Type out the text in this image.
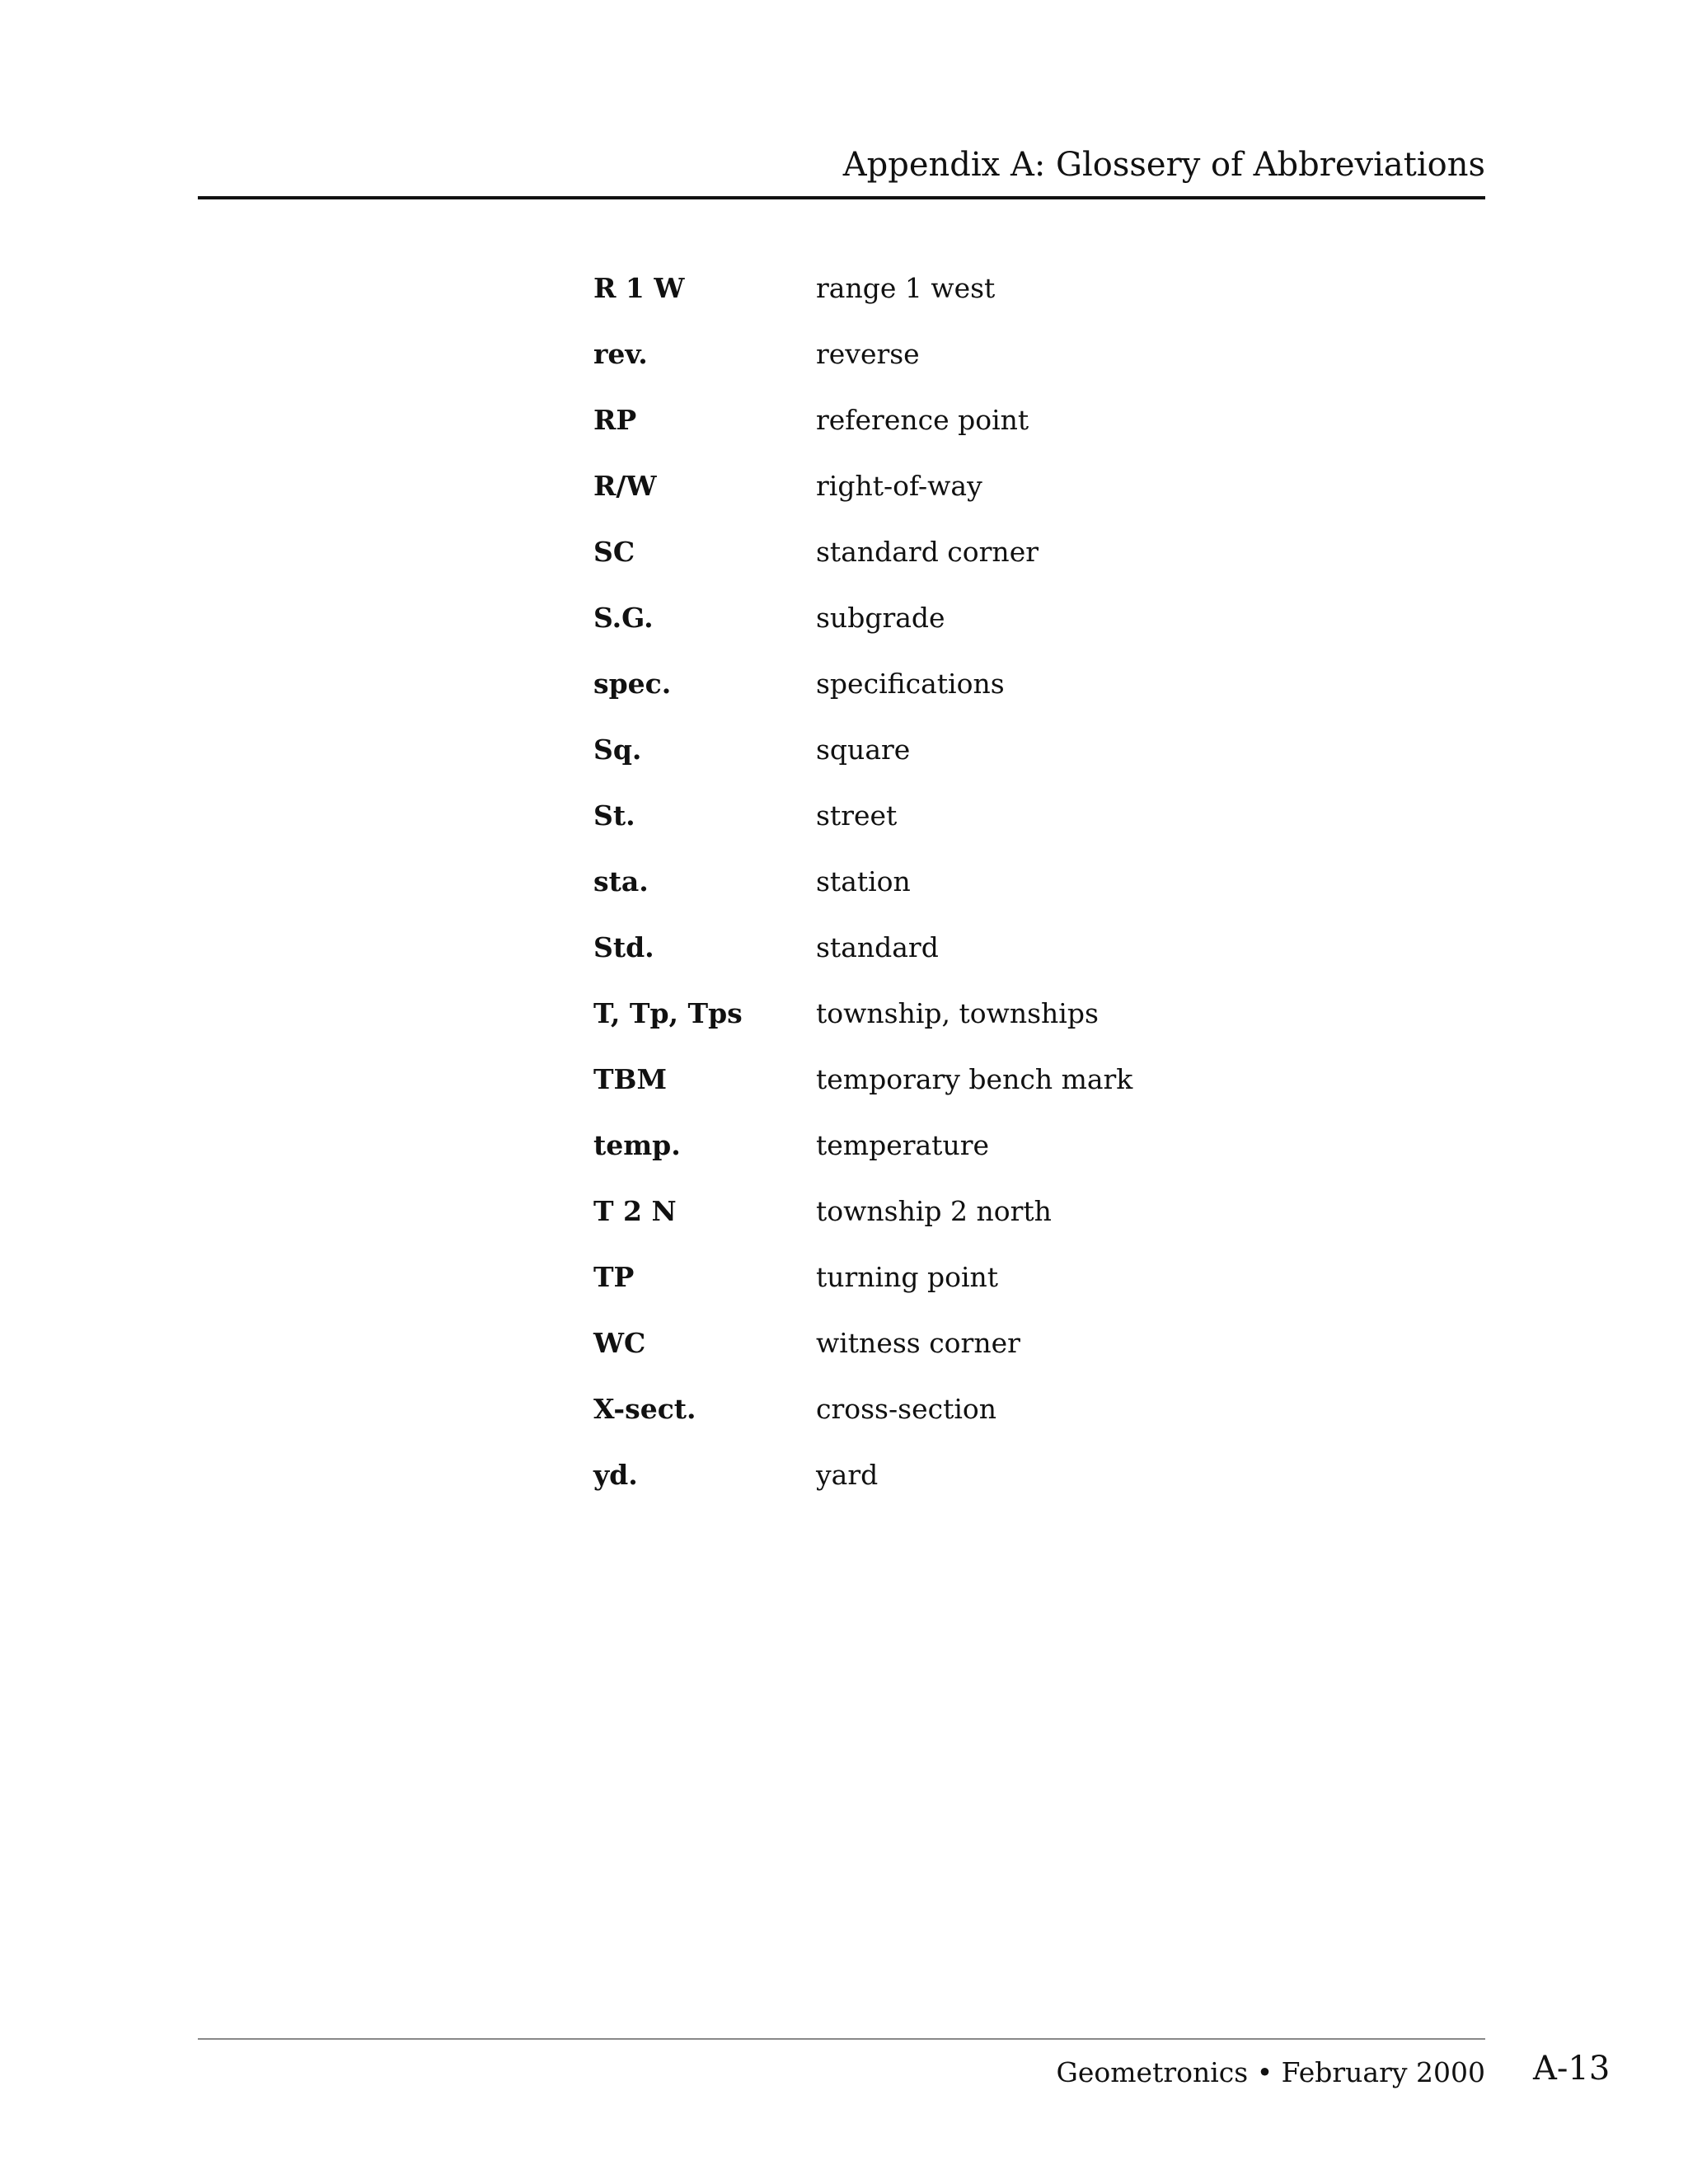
Appendix A: Glossery of Abbreviations
R 1 W	range 1 west
rev.	reverse
RP	reference point
R/W	right-of-way
SC	standard corner
S.G.	subgrade
spec.	specifications
Sq.	square
St.	street
sta.	station
Std.	standard
T, Tp, Tps	township, townships
TBM	temporary bench mark
temp.	temperature
T 2 N	township 2 north
TP	turning point
WC	witness corner
X-sect.	cross-section
yd.	yard
Geometronics • February 2000 A-13
